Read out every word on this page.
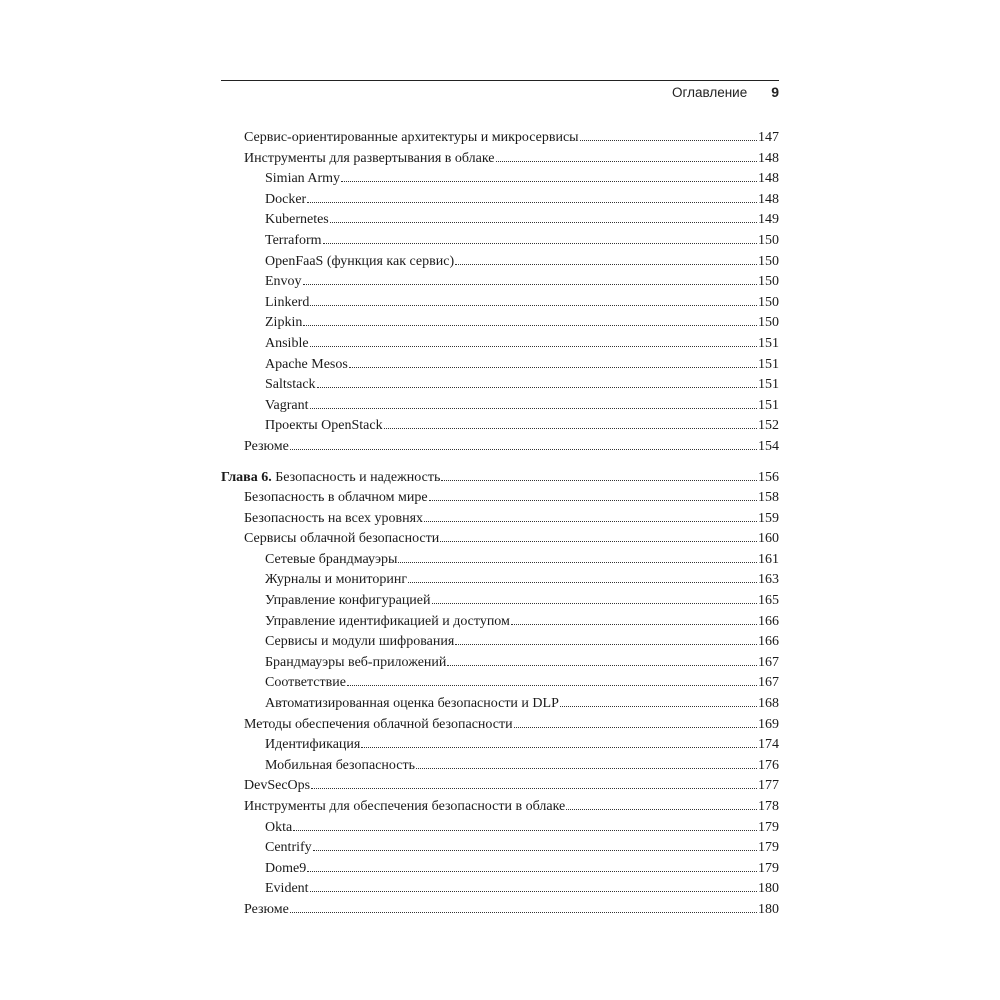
Оглавление 9
Сервис-ориентированные архитектуры и микросервисы	147
Инструменты для развертывания в облаке	148
Simian Army	148
Docker	148
Kubernetes	149
Terraform	150
OpenFaaS (функция как сервис)	150
Envoy	150
Linkerd	150
Zipkin	150
Ansible	151
Apache Mesos	151
Saltstack	151
Vagrant	151
Проекты OpenStack	152
Резюме	154
Глава 6. Безопасность и надежность	156
Безопасность в облачном мире	158
Безопасность на всех уровнях	159
Сервисы облачной безопасности	160
Сетевые брандмауэры	161
Журналы и мониторинг	163
Управление конфигурацией	165
Управление идентификацией и доступом	166
Сервисы и модули шифрования	166
Брандмауэры веб-приложений	167
Соответствие	167
Автоматизированная оценка безопасности и DLP	168
Методы обеспечения облачной безопасности	169
Идентификация	174
Мобильная безопасность	176
DevSecOps	177
Инструменты для обеспечения безопасности в облаке	178
Okta	179
Centrify	179
Dome9	179
Evident	180
Резюме	180
